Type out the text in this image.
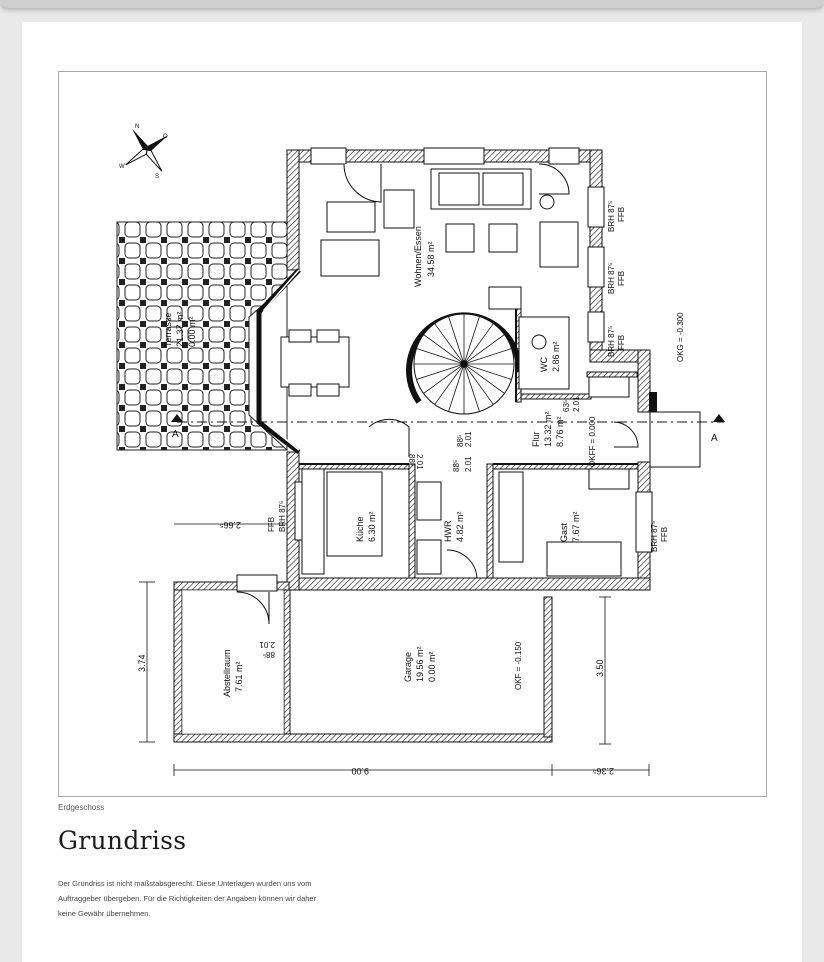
N
O
S
W
A	A
Wohnen/Essen 34.58 m²
Terrasse 21.37 m² 0.00 m²
WC 2.86 m²
Flur 13.32 m² 8.76 m²
Küche 6.30 m²	HWR 4.82 m²	Gast 7.67 m²
Abstellraum 7.61 m²	Garage 19.56 m² 0.00 m²
BRH 87⁵ FFB
BRH 87⁵ FFB
BRH 87⁵ FFB
BRH 87⁵
FFB	BRH 87⁵ FFB
OKG = -0.300
OKFF = 0.000
OKF = -0.150
88⁵ 2.01
88⁵ 2.01
63⁵ 2.01
88⁵ 2.01
88⁵
2.01
3.74	3.50
9.00	2.36⁵
2.66⁵
Erdgeschoss
Grundriss
Der Grundriss ist nicht maßstabsgerecht. Diese Unterlagen wurden uns vom
Auftraggeber übergeben. Für die Richtigkeiten der Angaben können wir daher
keine Gewähr übernehmen.
